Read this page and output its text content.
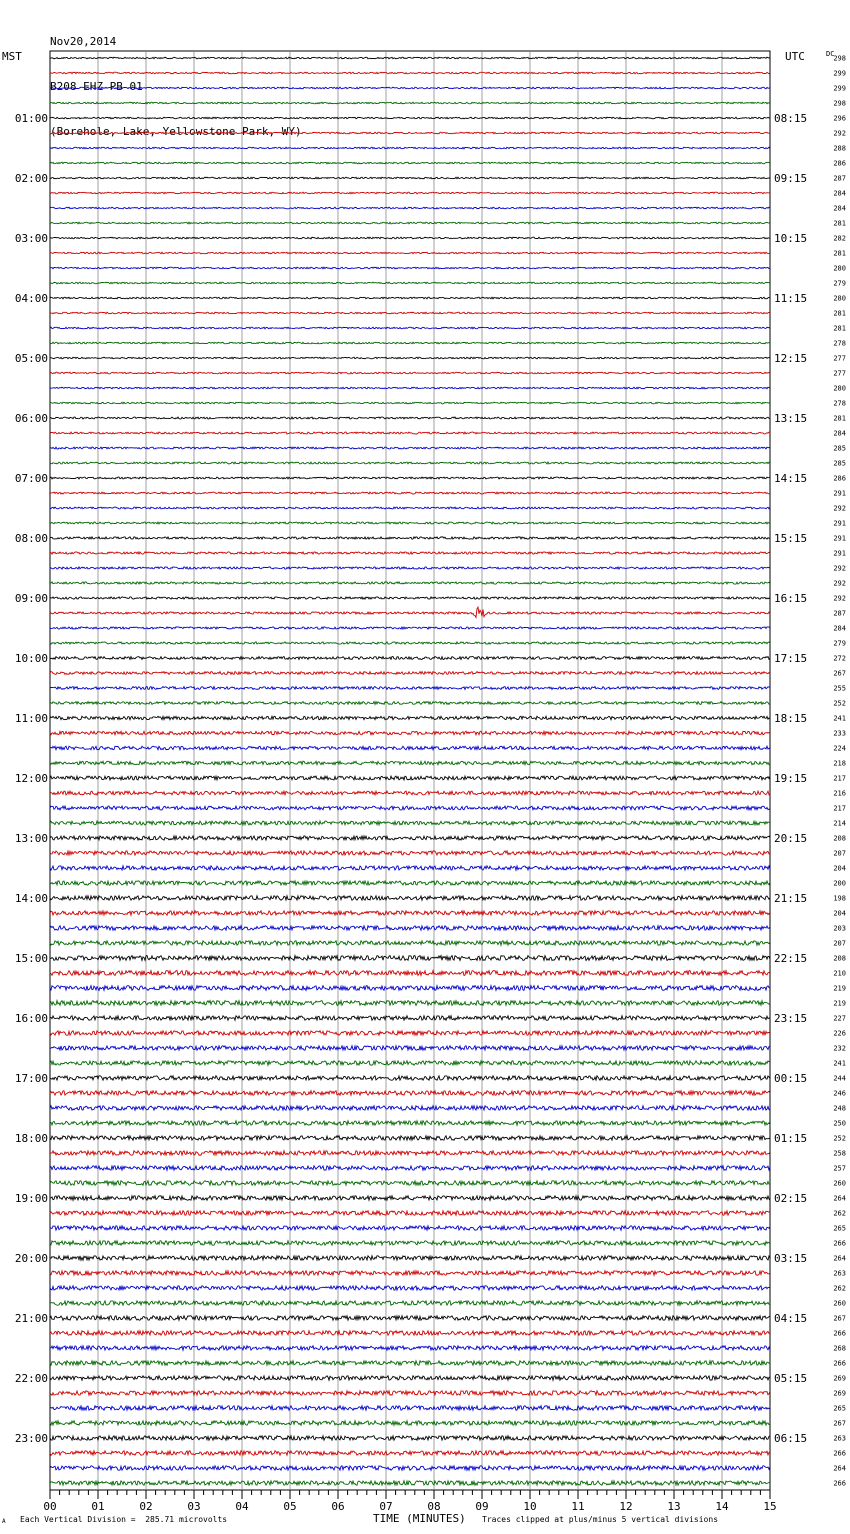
Nov20,2014

B208 EHZ PB 01

(Borehole, Lake, Yellowstone Park, WY)

MST	UTC	DC
00	01	02	03	04	05	06	07	08	09	10	11	12	13	14	15
298
299
299
298
296
01:00	08:15
292
288
286
287
02:00	09:15
284
284
281
282
03:00	10:15
281
280
279
280
04:00	11:15
281
281
278
277
05:00	12:15
277
280
278
281
06:00	13:15
284
285
285
286
07:00	14:15
291
292
291
291
08:00	15:15
291
292
292
292
09:00	16:15
287
284
279
272
10:00	17:15
267
255
252
241
11:00	18:15
233
224
218
217
12:00	19:15
216
217
214
208
13:00	20:15
207
204
200
198
14:00	21:15
204
203
207
208
15:00	22:15
210
219
219
227
16:00	23:15
226
232
241
244
17:00	00:15
246
248
250
252
18:00	01:15
258
257
260
264
19:00	02:15
262
265
266
264
20:00	03:15
263
262
260
267
21:00	04:15
266
268
266
269
22:00	05:15
269
265
267
263
23:00	06:15
266
264
266
A Each Vertical Division =  285.71 microvolts	TIME (MINUTES) Traces clipped at plus/minus 5 vertical divisions
